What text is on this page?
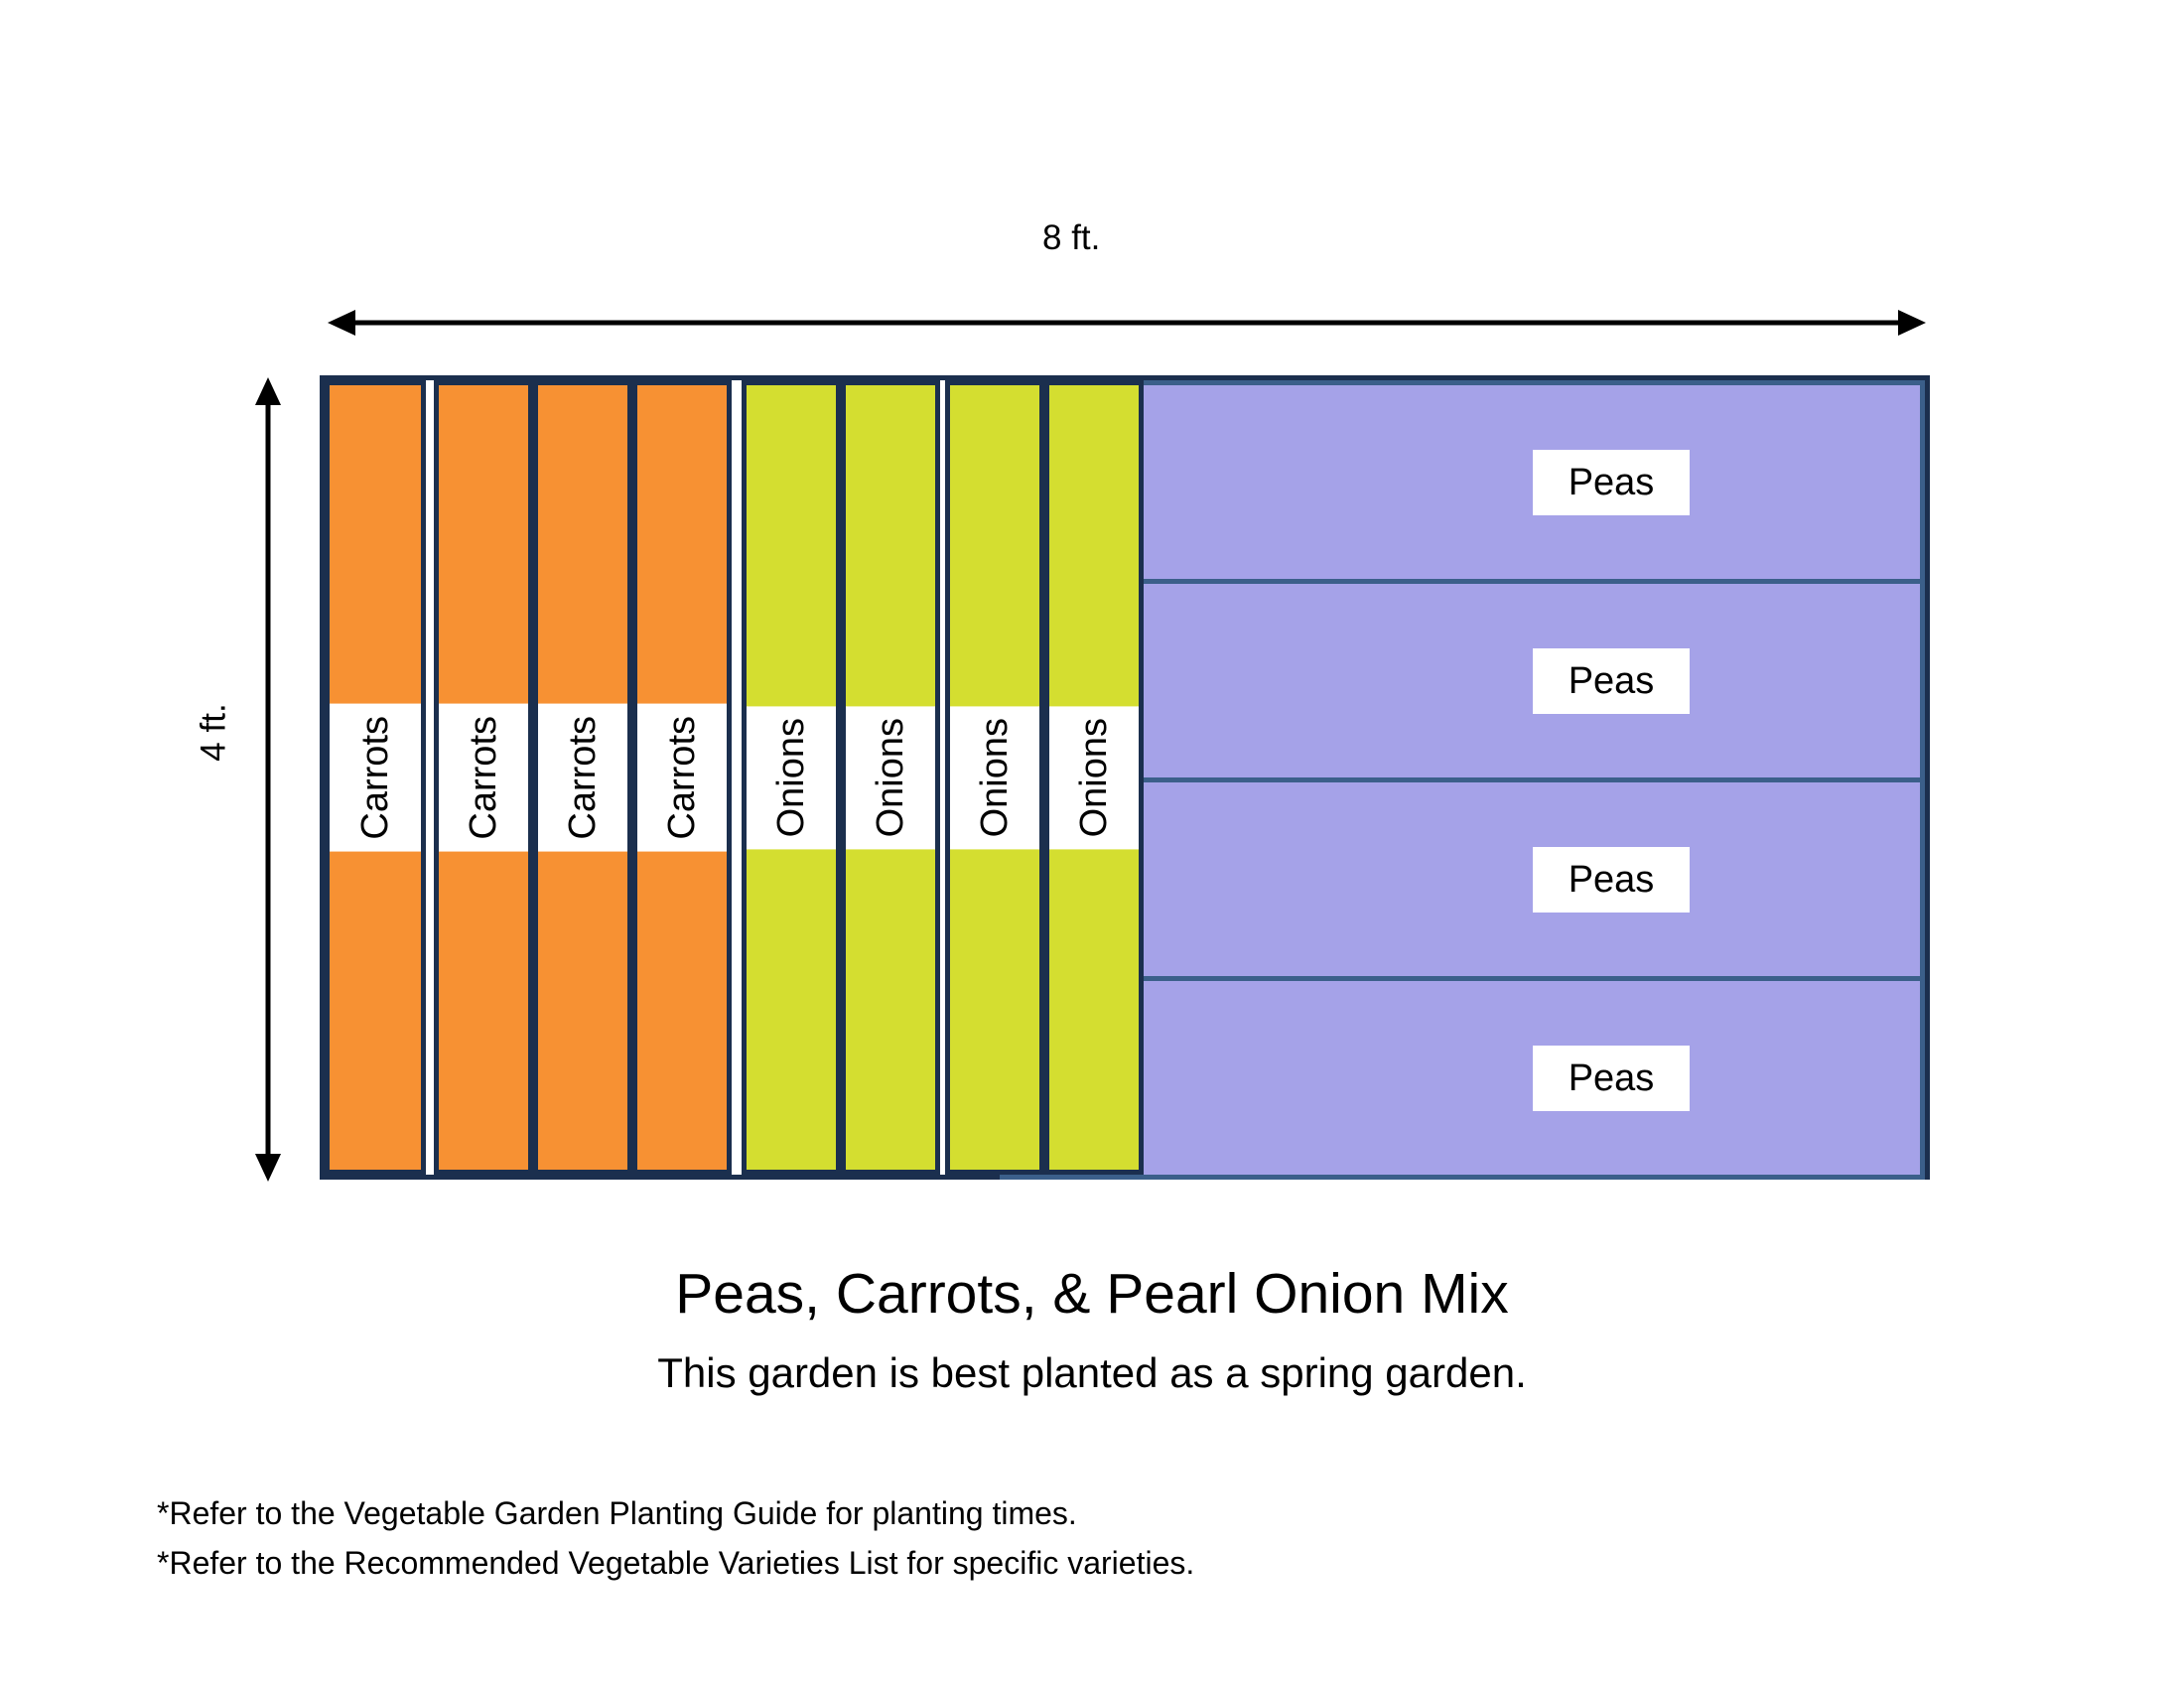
8 ft.
4 ft.
Peas
Peas
Peas
Peas
Carrots	Carrots	Carrots	Carrots	Onions	Onions	Onions	Onions
Peas, Carrots, & Pearl Onion Mix
This garden is best planted as a spring garden.
*Refer to the Vegetable Garden Planting Guide for planting times.
*Refer to the Recommended Vegetable Varieties List for specific varieties.
